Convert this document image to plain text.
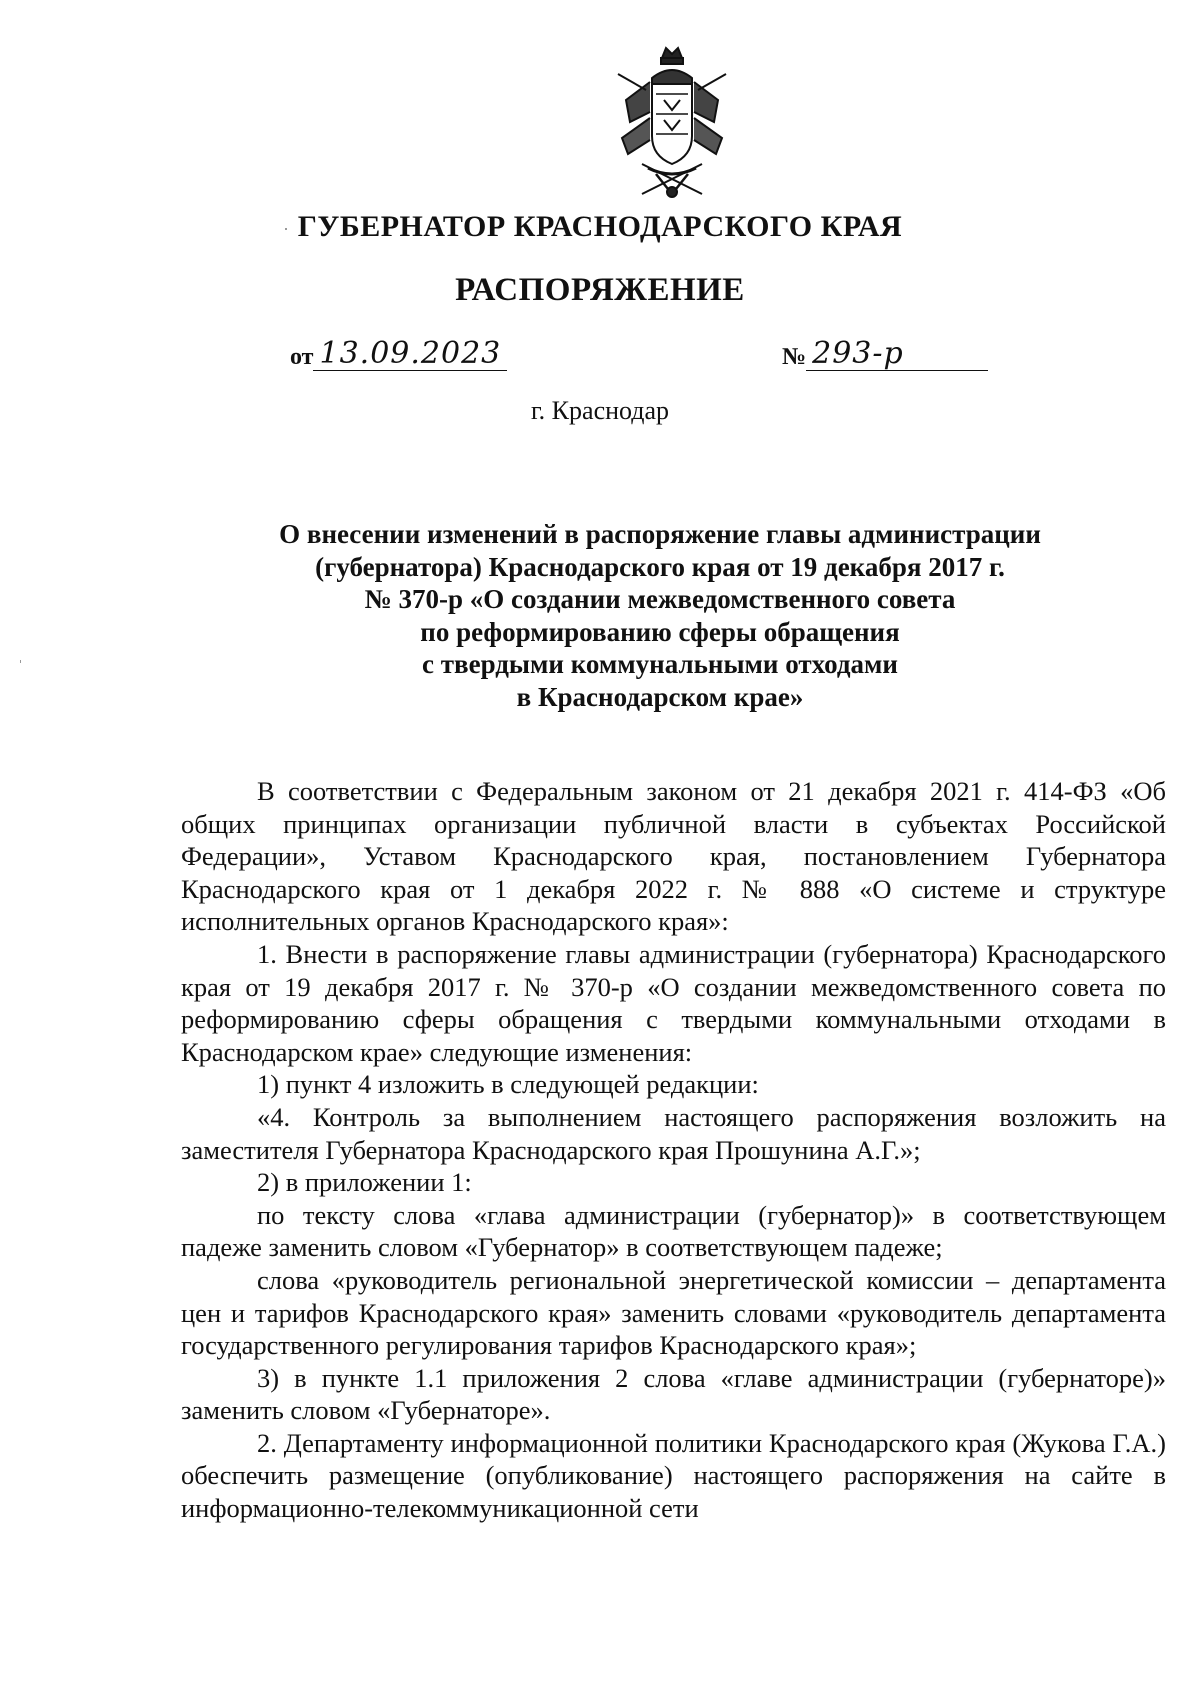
ГУБЕРНАТОР КРАСНОДАРСКОГО КРАЯ
РАСПОРЯЖЕНИЕ
от 13.09.2023	№ 293-р
г. Краснодар
О внесении изменений в распоряжение главы администрации
(губернатора) Краснодарского края от 19 декабря 2017 г.
№ 370-р «О создании межведомственного совета
по реформированию сферы обращения
с твердыми коммунальными отходами
в Краснодарском крае»

В соответствии с Федеральным законом от 21 декабря 2021 г. 414-ФЗ «Об общих принципах организации публичной власти в субъектах Российской Федерации», Уставом Краснодарского края, постановлением Губернатора Краснодарского края от 1 декабря 2022 г. № 888 «О системе и структуре исполнительных органов Краснодарского края»:

1. Внести в распоряжение главы администрации (губернатора) Краснодарского края от 19 декабря 2017 г. № 370-р «О создании межведомственного совета по реформированию сферы обращения с твердыми коммунальными отходами в Краснодарском крае» следующие изменения:

1) пункт 4 изложить в следующей редакции:

«4. Контроль за выполнением настоящего распоряжения возложить на заместителя Губернатора Краснодарского края Прошунина А.Г.»;

2) в приложении 1:

по тексту слова «глава администрации (губернатор)» в соответствующем падеже заменить словом «Губернатор» в соответствующем падеже;

слова «руководитель региональной энергетической комиссии – департамента цен и тарифов Краснодарского края» заменить словами «руководитель департамента государственного регулирования тарифов Краснодарского края»;

3) в пункте 1.1 приложения 2 слова «главе администрации (губернаторе)» заменить словом «Губернаторе».

2. Департаменту информационной политики Краснодарского края (Жукова Г.А.) обеспечить размещение (опубликование) настоящего распоряжения на сайте в информационно-телекоммуникационной сети
